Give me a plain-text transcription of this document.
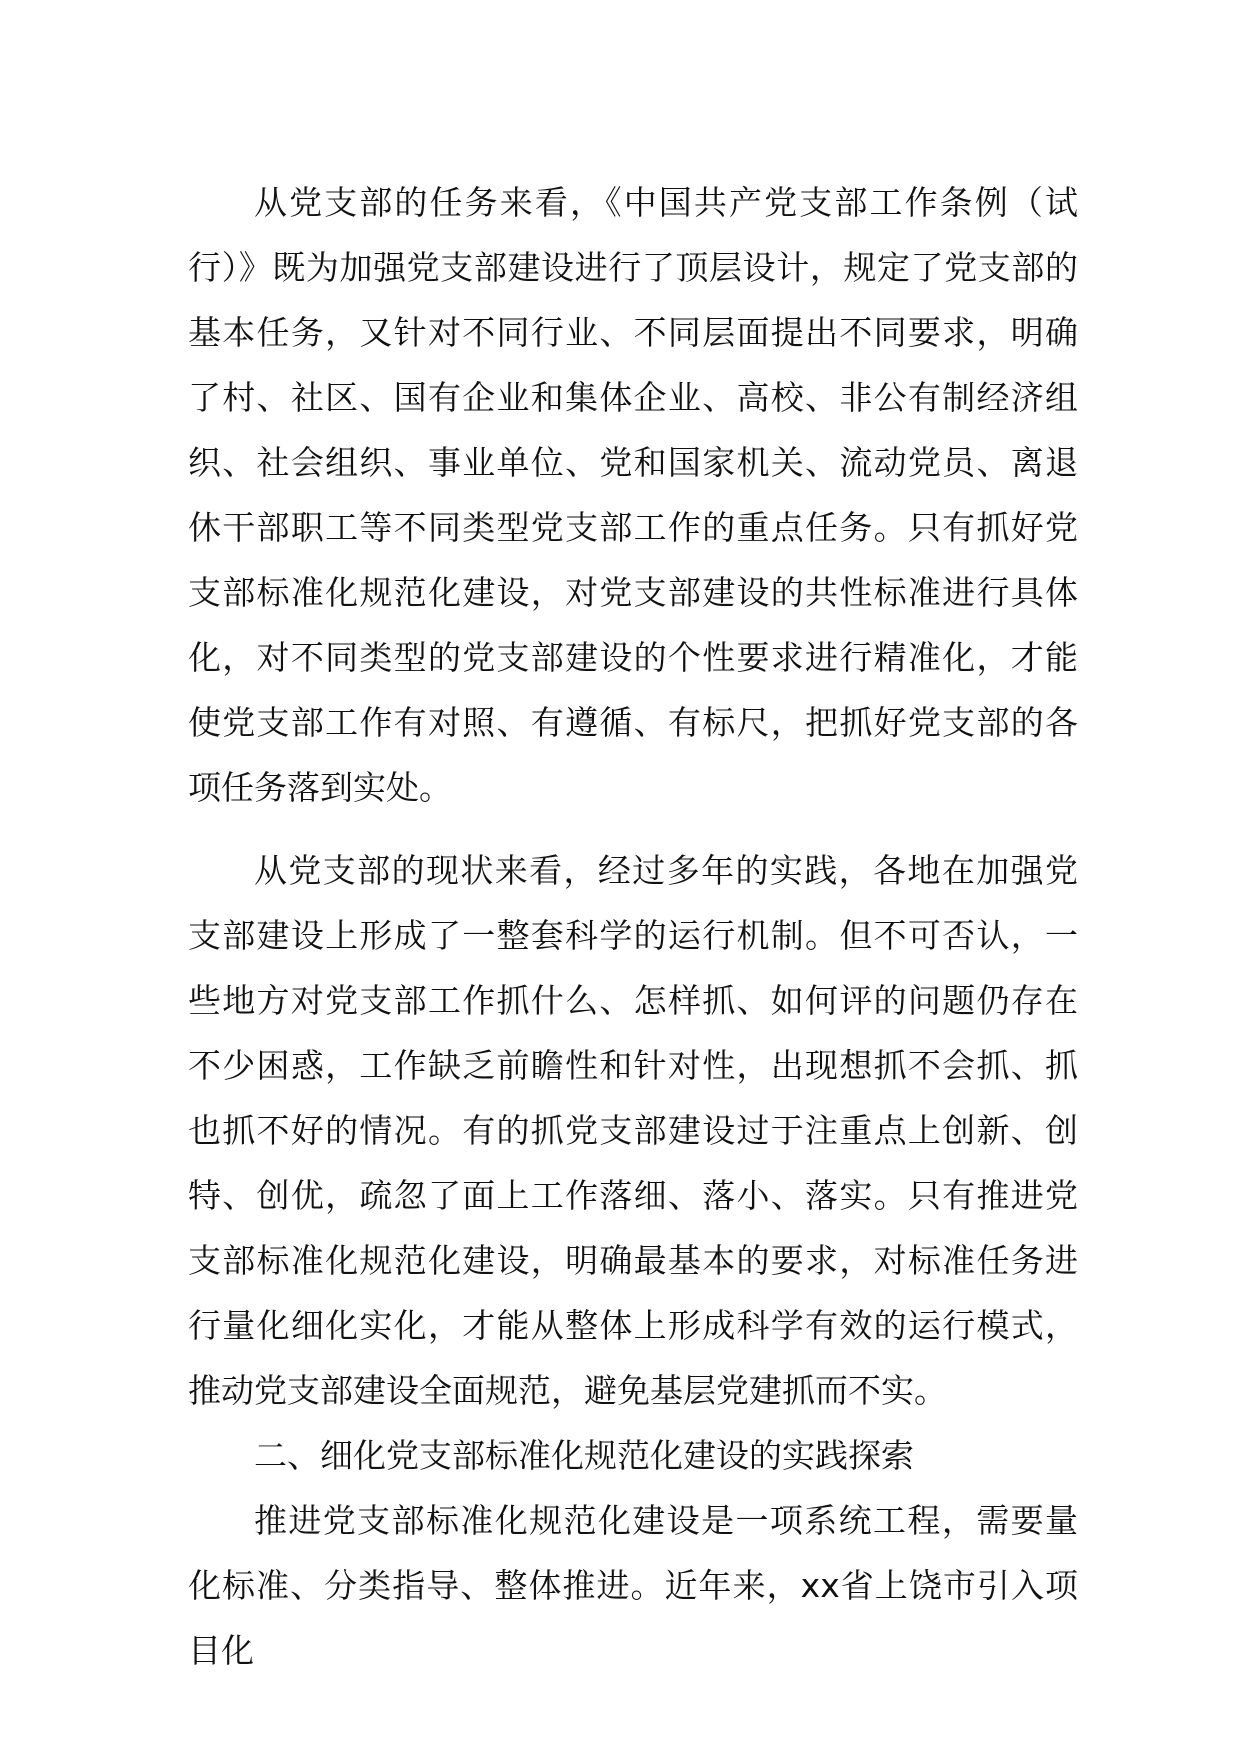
从党支部的任务来看，《中国共产党支部工作条例（试行）》既为加强党支部建设进行了顶层设计，规定了党支部的基本任务，又针对不同行业、不同层面提出不同要求，明确了村、社区、国有企业和集体企业、高校、非公有制经济组织、社会组织、事业单位、党和国家机关、流动党员、离退休干部职工等不同类型党支部工作的重点任务。只有抓好党支部标准化规范化建设，对党支部建设的共性标准进行具体化，对不同类型的党支部建设的个性要求进行精准化，才能使党支部工作有对照、有遵循、有标尺，把抓好党支部的各项任务落到实处。

从党支部的现状来看，经过多年的实践，各地在加强党支部建设上形成了一整套科学的运行机制。但不可否认，一些地方对党支部工作抓什么、怎样抓、如何评的问题仍存在不少困惑，工作缺乏前瞻性和针对性，出现想抓不会抓、抓也抓不好的情况。有的抓党支部建设过于注重点上创新、创特、创优，疏忽了面上工作落细、落小、落实。只有推进党支部标准化规范化建设，明确最基本的要求，对标准任务进行量化细化实化，才能从整体上形成科学有效的运行模式，推动党支部建设全面规范，避免基层党建抓而不实。

二、细化党支部标准化规范化建设的实践探索

推进党支部标准化规范化建设是一项系统工程，需要量化标准、分类指导、整体推进。近年来，xx省上饶市引入项目化
